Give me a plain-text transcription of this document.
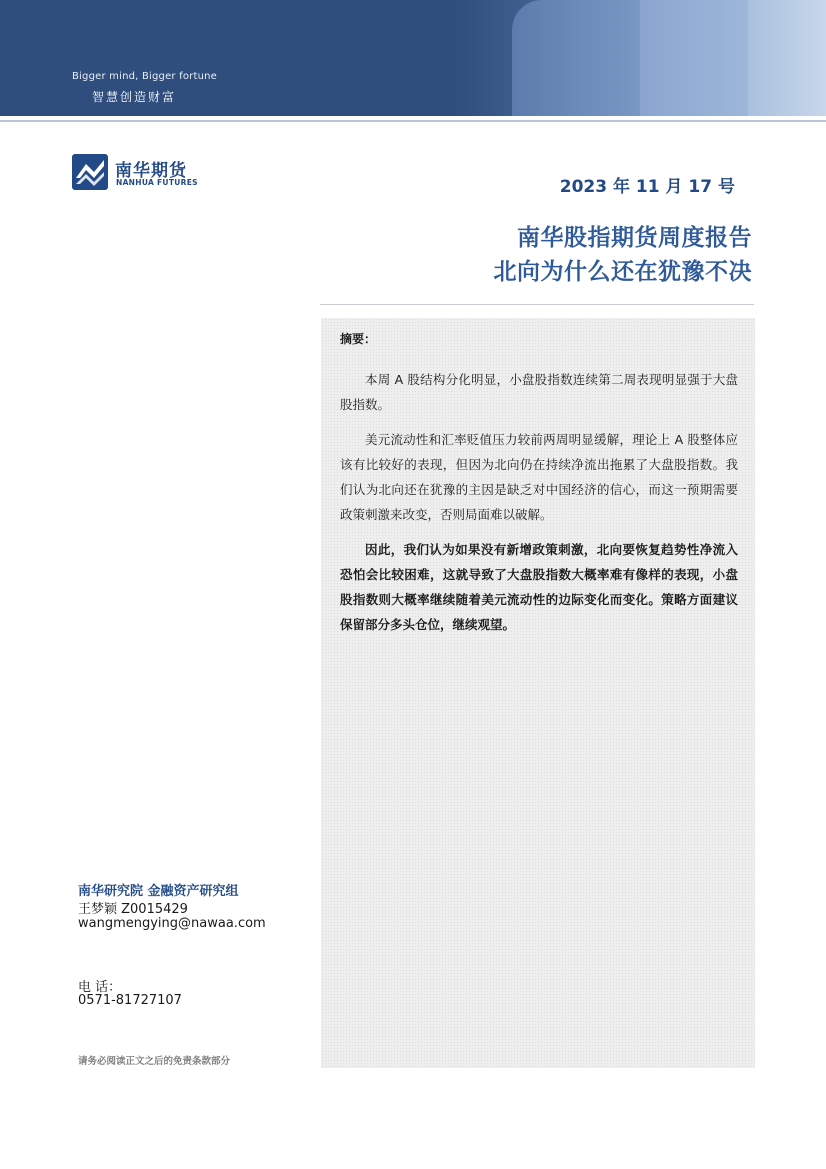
Bigger mind, Bigger fortune
智慧创造财富
南华期货
NANHUA FUTURES	2023 年 11 月 17 号
南华股指期货周度报告
北向为什么还在犹豫不决
摘要：

本周 A 股结构分化明显，小盘股指数连续第二周表现明显强于大盘股指数。

美元流动性和汇率贬值压力较前两周明显缓解，理论上 A 股整体应该有比较好的表现，但因为北向仍在持续净流出拖累了大盘股指数。我们认为北向还在犹豫的主因是缺乏对中国经济的信心，而这一预期需要政策刺激来改变，否则局面难以破解。

因此，我们认为如果没有新增政策刺激，北向要恢复趋势性净流入恐怕会比较困难，这就导致了大盘股指数大概率难有像样的表现，小盘股指数则大概率继续随着美元流动性的边际变化而变化。策略方面建议保留部分多头仓位，继续观望。

南华研究院 金融资产研究组
王梦颖 Z0015429
wangmengying@nawaa.com
电 话：
0571-81727107
请务必阅读正文之后的免责条款部分
